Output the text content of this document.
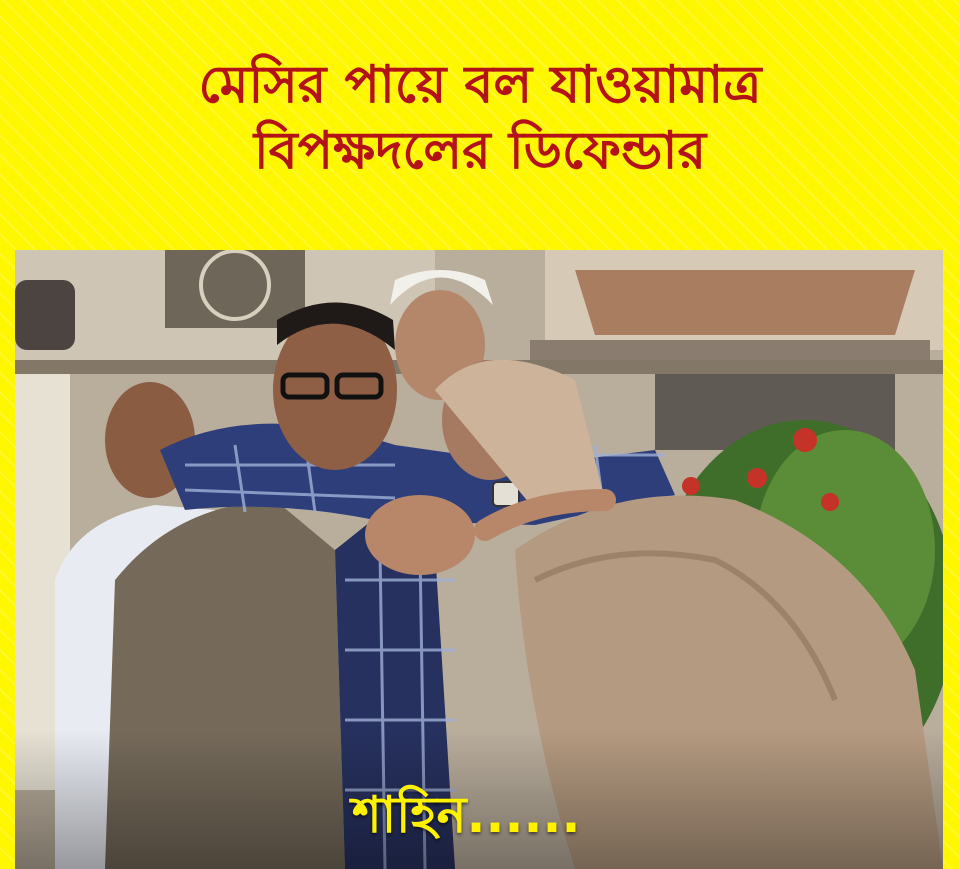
মেসির পায়ে বল যাওয়ামাত্র
বিপক্ষদলের ডিফেন্ডার
শাহিন......
